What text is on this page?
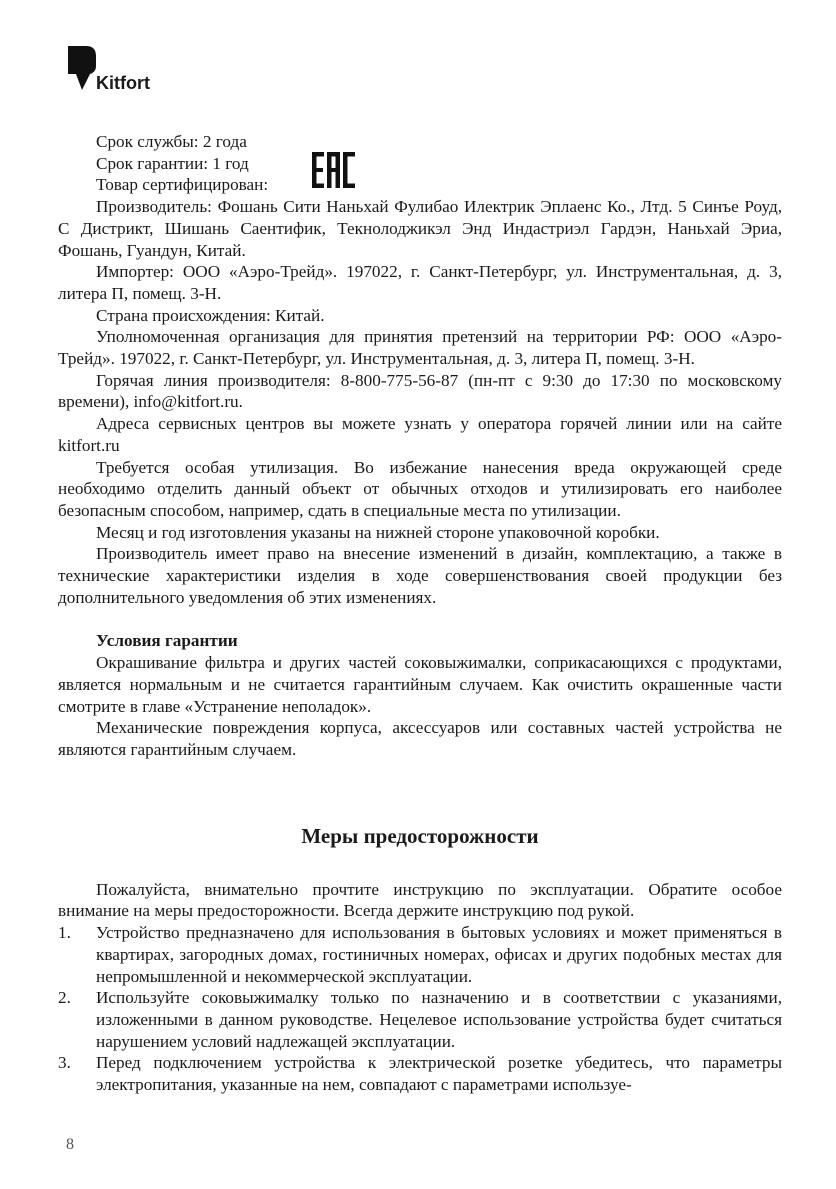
Kitfort

Срок службы: 2 года

Срок гарантии: 1 год

Товар сертифицирован:

Производитель: Фошань Сити Наньхай Фулибао Илектрик Эплаенс Ко., Лтд. 5 Синъе Роуд, С Дистрикт, Шишань Саентифик, Текнолоджикэл Энд Индастриэл Гардэн, Наньхай Эриа, Фошань, Гуандун, Китай.

Импортер: ООО «Аэро-Трейд». 197022, г. Санкт-Петербург, ул. Инструментальная, д. 3, литера П, помещ. 3-Н.

Страна происхождения: Китай.

Уполномоченная организация для принятия претензий на территории РФ: ООО «Аэро-Трейд». 197022, г. Санкт-Петербург, ул. Инструментальная, д. 3, литера П, помещ. 3-Н.

Горячая линия производителя: 8-800-775-56-87 (пн-пт с 9:30 до 17:30 по московскому времени), info@kitfort.ru.

Адреса сервисных центров вы можете узнать у оператора горячей линии или на сайте kitfort.ru

Требуется особая утилизация. Во избежание нанесения вреда окружающей среде необходимо отделить данный объект от обычных отходов и утилизировать его наиболее безопасным способом, например, сдать в специальные места по утилизации.

Месяц и год изготовления указаны на нижней стороне упаковочной коробки.

Производитель имеет право на внесение изменений в дизайн, комплектацию, а также в технические характеристики изделия в ходе совершенствования своей продукции без дополнительного уведомления об этих изменениях.

Условия гарантии

Окрашивание фильтра и других частей соковыжималки, соприкасающихся с продуктами, является нормальным и не считается гарантийным случаем. Как очистить окрашенные части смотрите в главе «Устранение неполадок».

Механические повреждения корпуса, аксессуаров или составных частей устройства не являются гарантийным случаем.

Меры предосторожности

Пожалуйста, внимательно прочтите инструкцию по эксплуатации. Обратите особое внимание на меры предосторожности. Всегда держите инструкцию под рукой.

1. Устройство предназначено для использования в бытовых условиях и может применяться в квартирах, загородных домах, гостиничных номерах, офисах и других подобных местах для непромышленной и некоммерческой эксплуатации.
2. Используйте соковыжималку только по назначению и в соответствии с указаниями, изложенными в данном руководстве. Нецелевое использование устройства будет считаться нарушением условий надлежащей эксплуатации.
3. Перед подключением устройства к электрической розетке убедитесь, что параметры электропитания, указанные на нем, совпадают с параметрами используе-
8
